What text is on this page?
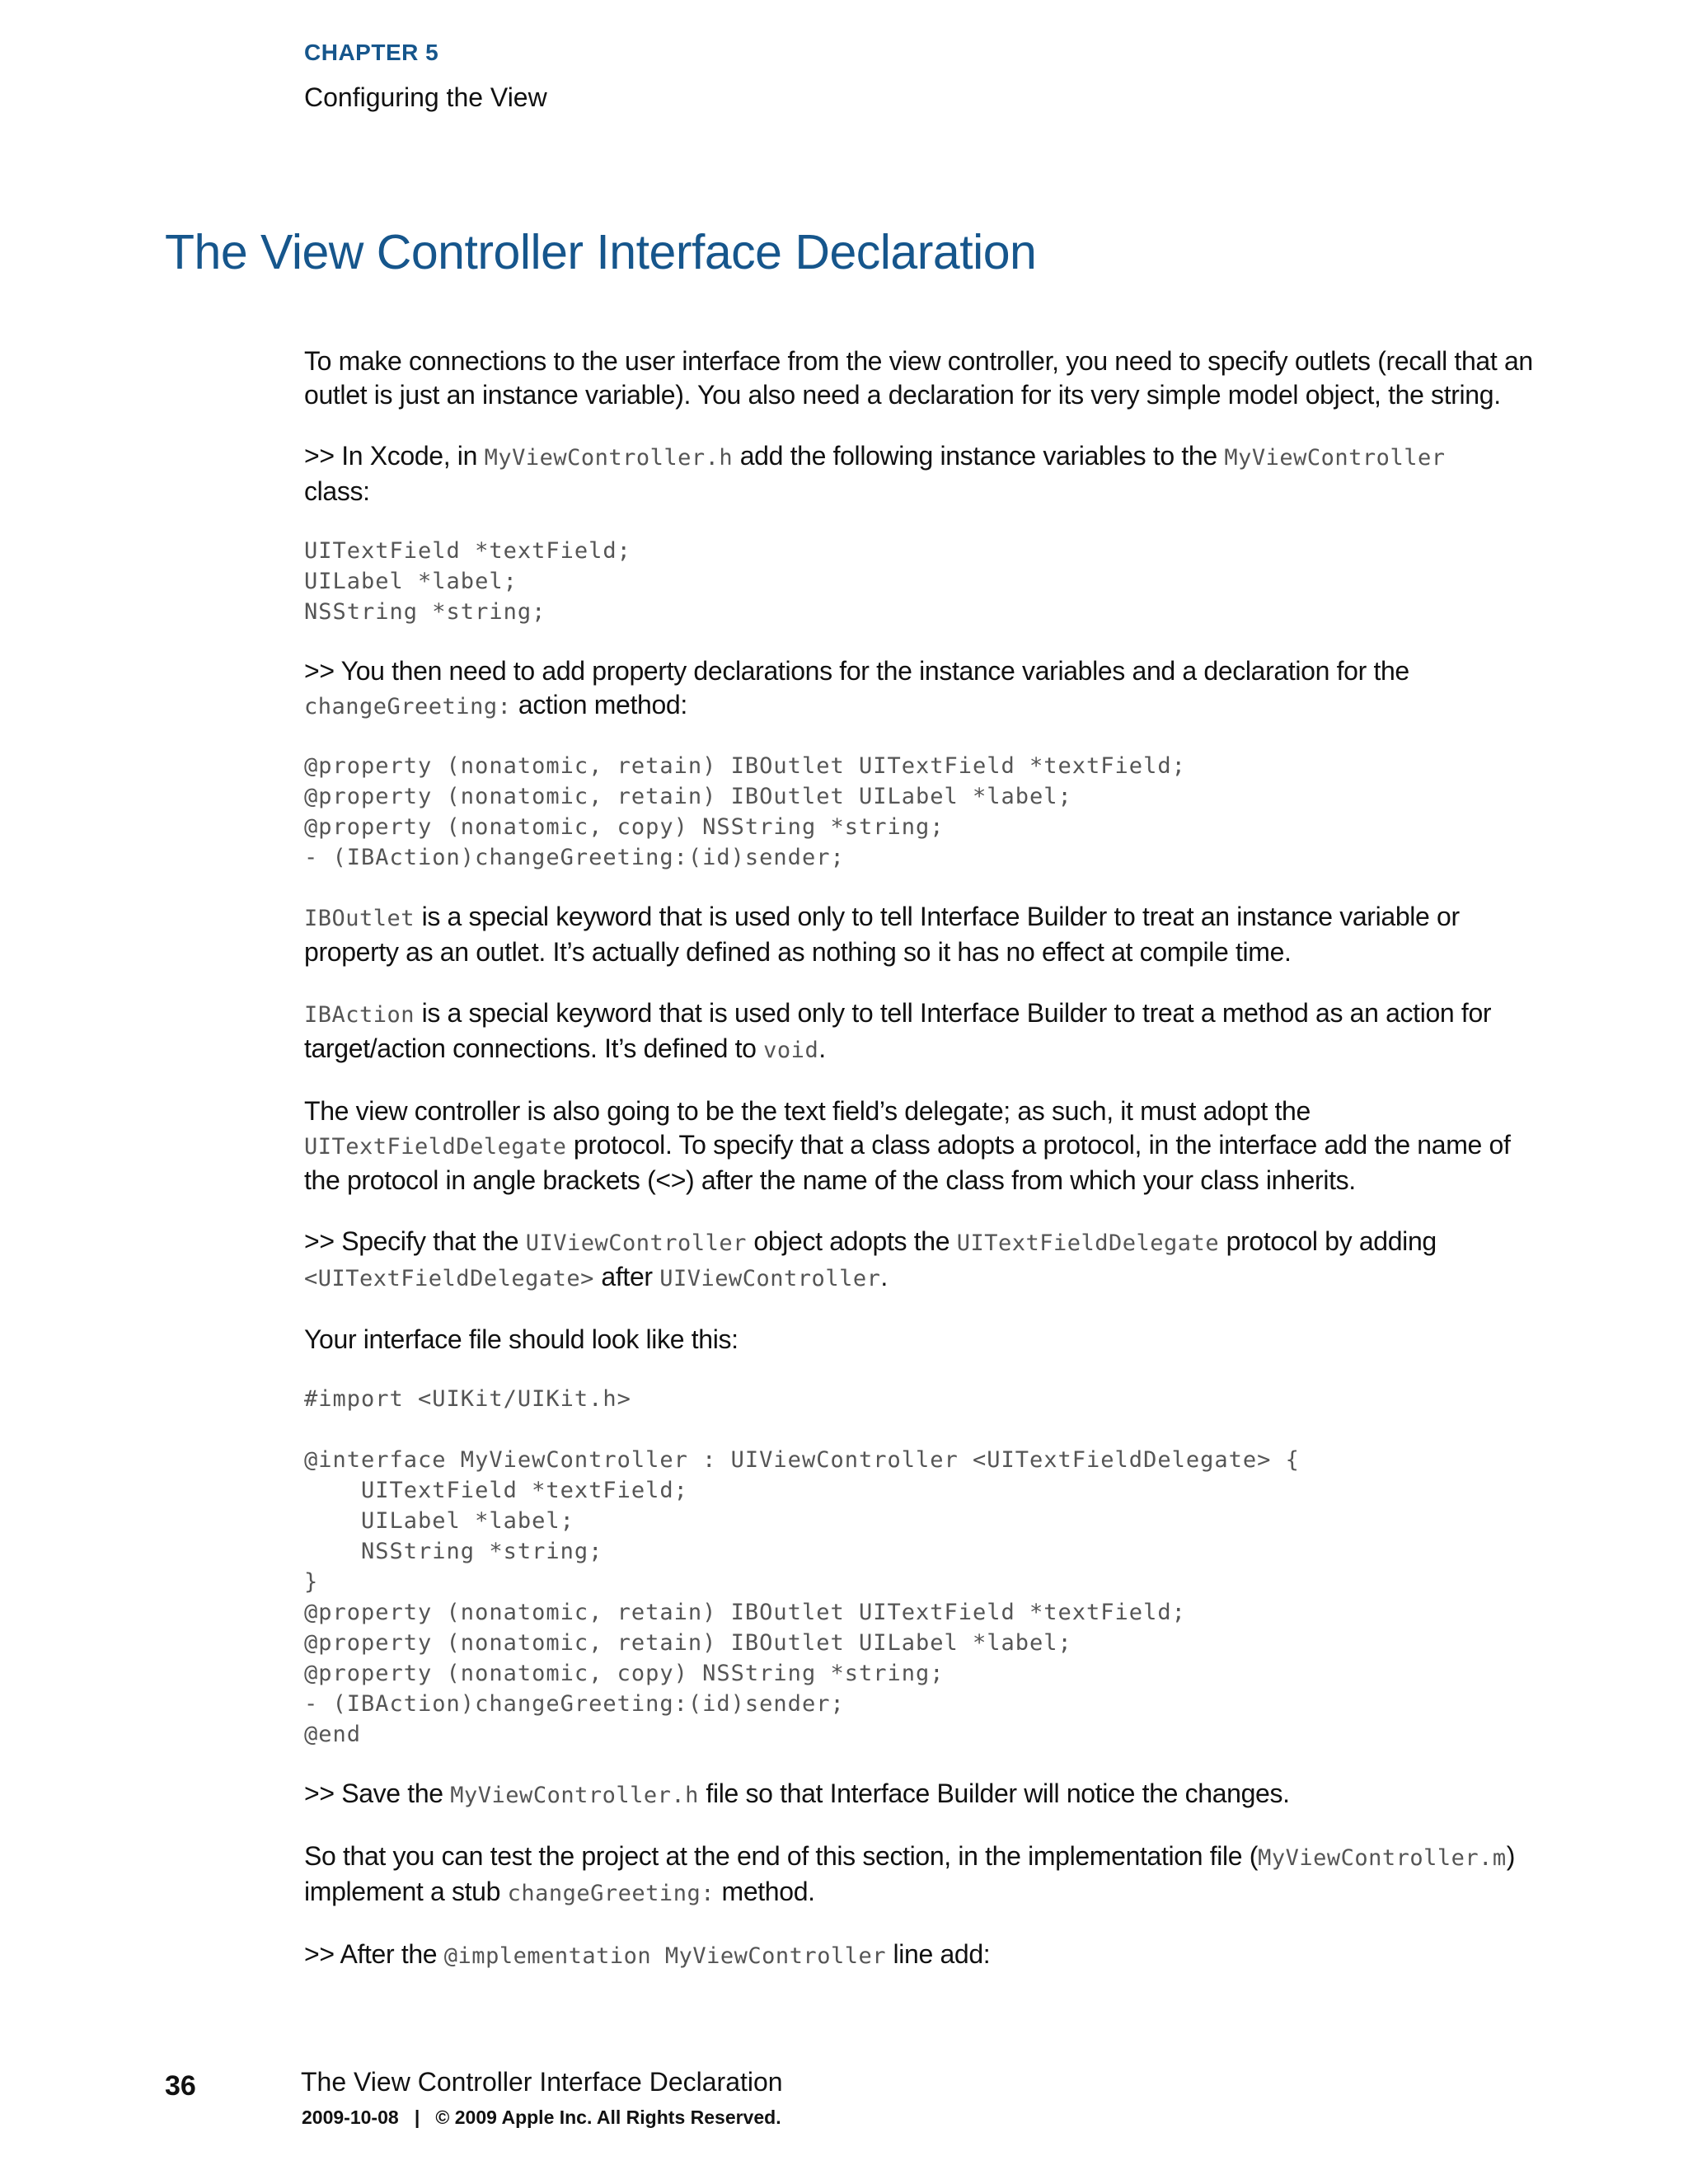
CHAPTER 5
Configuring the View
The View Controller Interface Declaration

To make connections to the user interface from the view controller, you need to specify outlets (recall that an outlet is just an instance variable). You also need a declaration for its very simple model object, the string.

>> In Xcode, in MyViewController.h add the following instance variables to the MyViewController
class:

UITextField *textField;
UILabel *label;
NSString *string;

>> You then need to add property declarations for the instance variables and a declaration for the
changeGreeting: action method:

@property (nonatomic, retain) IBOutlet UITextField *textField;
@property (nonatomic, retain) IBOutlet UILabel *label;
@property (nonatomic, copy) NSString *string;
- (IBAction)changeGreeting:(id)sender;

IBOutlet is a special keyword that is used only to tell Interface Builder to treat an instance variable or property as an outlet. It’s actually defined as nothing so it has no effect at compile time.

IBAction is a special keyword that is used only to tell Interface Builder to treat a method as an action for target/action connections. It’s defined to void.

The view controller is also going to be the text field’s delegate; as such, it must adopt the
UITextFieldDelegate protocol. To specify that a class adopts a protocol, in the interface add the name of the protocol in angle brackets (<>) after the name of the class from which your class inherits.

>> Specify that the UIViewController object adopts the UITextFieldDelegate protocol by adding
<UITextFieldDelegate> after UIViewController.

Your interface file should look like this:

#import <UIKit/UIKit.h>

@interface MyViewController : UIViewController <UITextFieldDelegate> {
UITextField *textField;
UILabel *label;
NSString *string;
}
@property (nonatomic, retain) IBOutlet UITextField *textField;
@property (nonatomic, retain) IBOutlet UILabel *label;
@property (nonatomic, copy) NSString *string;
- (IBAction)changeGreeting:(id)sender;
@end

>> Save the MyViewController.h file so that Interface Builder will notice the changes.

So that you can test the project at the end of this section, in the implementation file (MyViewController.m) implement a stub changeGreeting: method.

>> After the @implementation MyViewController line add:

36	The View Controller Interface Declaration
2009-10-08   |   © 2009 Apple Inc. All Rights Reserved.
